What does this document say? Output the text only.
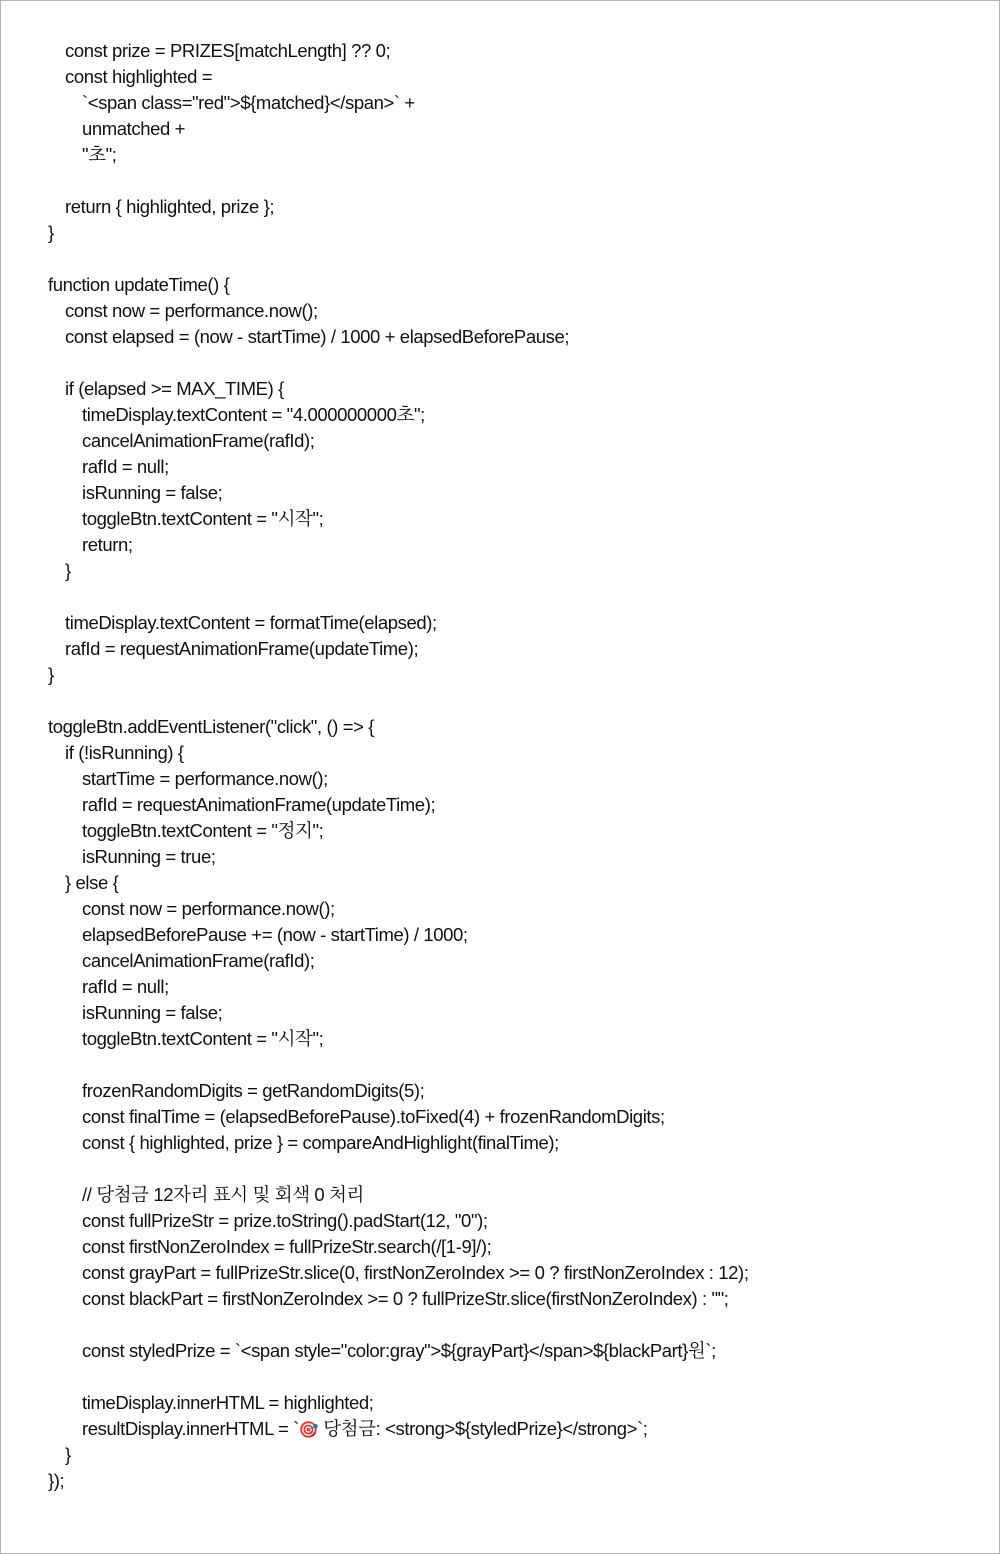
const prize = PRIZES[matchLength] ?? 0;
const highlighted =
`<span class="red">${matched}</span>` +
unmatched +
"초";
return { highlighted, prize };
}
function updateTime() {
const now = performance.now();
const elapsed = (now - startTime) / 1000 + elapsedBeforePause;
if (elapsed >= MAX_TIME) {
timeDisplay.textContent = "4.000000000초";
cancelAnimationFrame(rafId);
rafId = null;
isRunning = false;
toggleBtn.textContent = "시작";
return;
}
timeDisplay.textContent = formatTime(elapsed);
rafId = requestAnimationFrame(updateTime);
}
toggleBtn.addEventListener("click", () => {
if (!isRunning) {
startTime = performance.now();
rafId = requestAnimationFrame(updateTime);
toggleBtn.textContent = "정지";
isRunning = true;
} else {
const now = performance.now();
elapsedBeforePause += (now - startTime) / 1000;
cancelAnimationFrame(rafId);
rafId = null;
isRunning = false;
toggleBtn.textContent = "시작";
frozenRandomDigits = getRandomDigits(5);
const finalTime = (elapsedBeforePause).toFixed(4) + frozenRandomDigits;
const { highlighted, prize } = compareAndHighlight(finalTime);
// 당첨금 12자리 표시 및 회색 0 처리
const fullPrizeStr = prize.toString().padStart(12, "0");
const firstNonZeroIndex = fullPrizeStr.search(/[1-9]/);
const grayPart = fullPrizeStr.slice(0, firstNonZeroIndex >= 0 ? firstNonZeroIndex : 12);
const blackPart = firstNonZeroIndex >= 0 ? fullPrizeStr.slice(firstNonZeroIndex) : "";
const styledPrize = `<span style="color:gray">${grayPart}</span>${blackPart}원`;
timeDisplay.innerHTML = highlighted;
resultDisplay.innerHTML = `🎯 당첨금: <strong>${styledPrize}</strong>`;
}
});
